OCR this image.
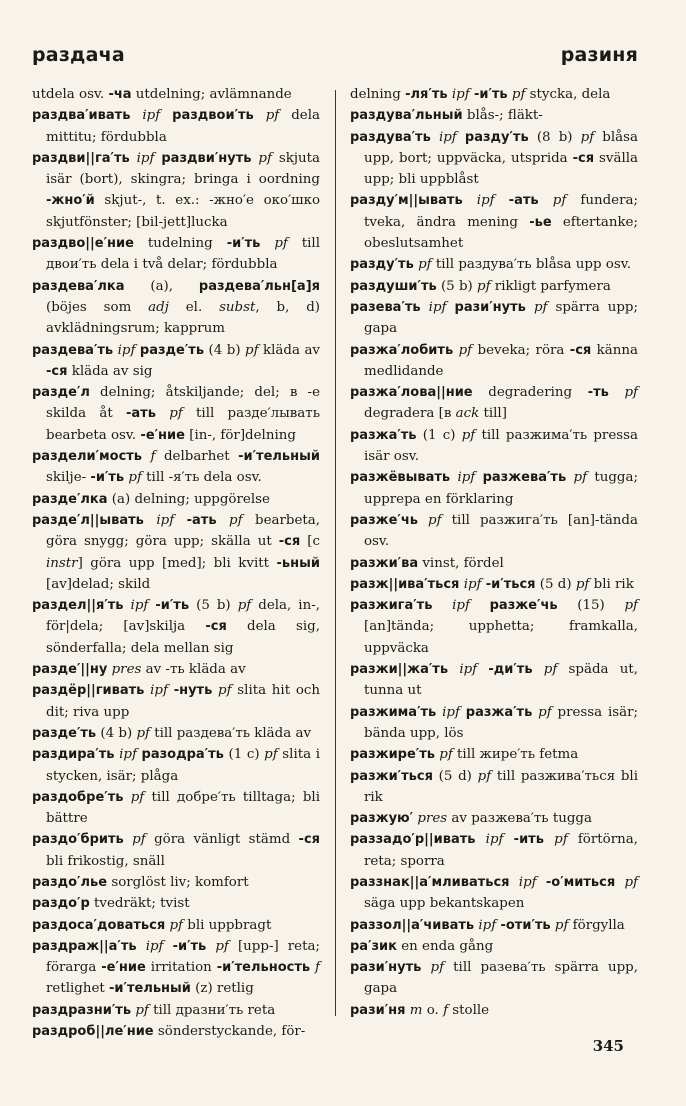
раздача	разиня

utdela osv. -ча utdelning; avlämnande

раздва′ивать ipf раздвои′ть pf dela mittitu; fördubbla

раздви||га′ть ipf раздви′нуть pf skjuta isär (bort), skingra; bringa i oordning -жно′й skjut-, t. ex.: -жно′е око′шко skjutfönster; [bil-jett]lucka

раздво||е′ние tudelning -и′ть pf till двои′ть dela i två delar; fördubbla

раздева′лка (a), раздева′льн[а]я (böjes som adj el. subst, b, d) avklädningsrum; kapprum

раздева′ть ipf разде′ть (4 b) pf kläda av -ся kläda av sig

разде′л delning; åtskiljande; del; в -е skilda åt -ать pf till разде′лывать bearbeta osv. -е′ние [in-, för]delning

раздели′мость f delbarhet -и′тельный skilje- -и′ть pf till -я′ть dela osv.

разде′лка (a) delning; uppgörelse

разде′л||ывать ipf -ать pf bearbeta, göra snygg; göra upp; skälla ut -ся [c instr] göra upp [med]; bli kvitt -ьный [av]delad; skild

раздел||я′ть ipf -и′ть (5 b) pf dela, in-, för|dela; [av]skilja -ся dela sig, sönderfalla; dela mellan sig

разде′||ну pres av -ть kläda av

раздёр||гивать ipf -нуть pf slita hit och dit; riva upp

разде′ть (4 b) pf till раздева′ть kläda av

раздира′ть ipf разодра′ть (1 c) pf slita i stycken, isär; plåga

раздобре′ть pf till добре′ть tilltaga; bli bättre

раздо′брить pf göra vänligt stämd -ся bli frikostig, snäll

раздо′лье sorglöst liv; komfort

раздо′р tvedräkt; tvist

раздоса′доваться pf bli uppbragt

раздраж||а′ть ipf -и′ть pf [upp-] reta; förarga -е′ние irritation -и′тельность f retlighet -и′тельный (z) retlig

раздразни′ть pf till дразни′ть reta

раздроб||ле′ние sönderstyckande, för-

delning -ля′ть ipf -и′ть pf stycka, dela

раздува′льный blås-; fläkt-

раздува′ть ipf разду′ть (8 b) pf blåsa upp, bort; uppväcka, utsprida -ся svälla upp; bli uppblåst

разду′м||ывать ipf -ать pf fundera; tveka, ändra mening -ье eftertanke; obeslutsamhet

разду′ть pf till раздува′ть blåsa upp osv.

раздуши′ть (5 b) pf rikligt parfymera

разева′ть ipf рази′нуть pf spärra upp; gapa

разжа′лобить pf beveka; röra -ся känna medlidande

разжа′лова||ние degradering -ть pf degradera [в ack till]

разжа′ть (1 c) pf till разжима′ть pressa isär osv.

разжёвывать ipf разжева′ть pf tugga; upprepa en förklaring

разже′чь pf till разжига′ть [an]-tända osv.

разжи′ва vinst, fördel

разж||ива′ться ipf -и′ться (5 d) pf bli rik

разжига′ть ipf разже′чь (15) pf [an]tända; upphetta; framkalla, uppväcka

разжи||жа′ть ipf -ди′ть pf späda ut, tunna ut

разжима′ть ipf разжа′ть pf pressa isär; bända upp, lös

разжире′ть pf till жире′ть fetma

разжи′ться (5 d) pf till разжива′ться bli rik

разжую′ pres av разжева′ть tugga

раззадо′р||ивать ipf -ить pf förtörna, reta; sporra

раззнак||а′мливаться ipf -о′миться pf säga upp bekantskapen

раззол||а′чивать ipf -оти′ть pf förgylla

ра′зик en enda gång

рази′нуть pf till разева′ть spärra upp, gapa

рази′ня m o. f stolle

345
